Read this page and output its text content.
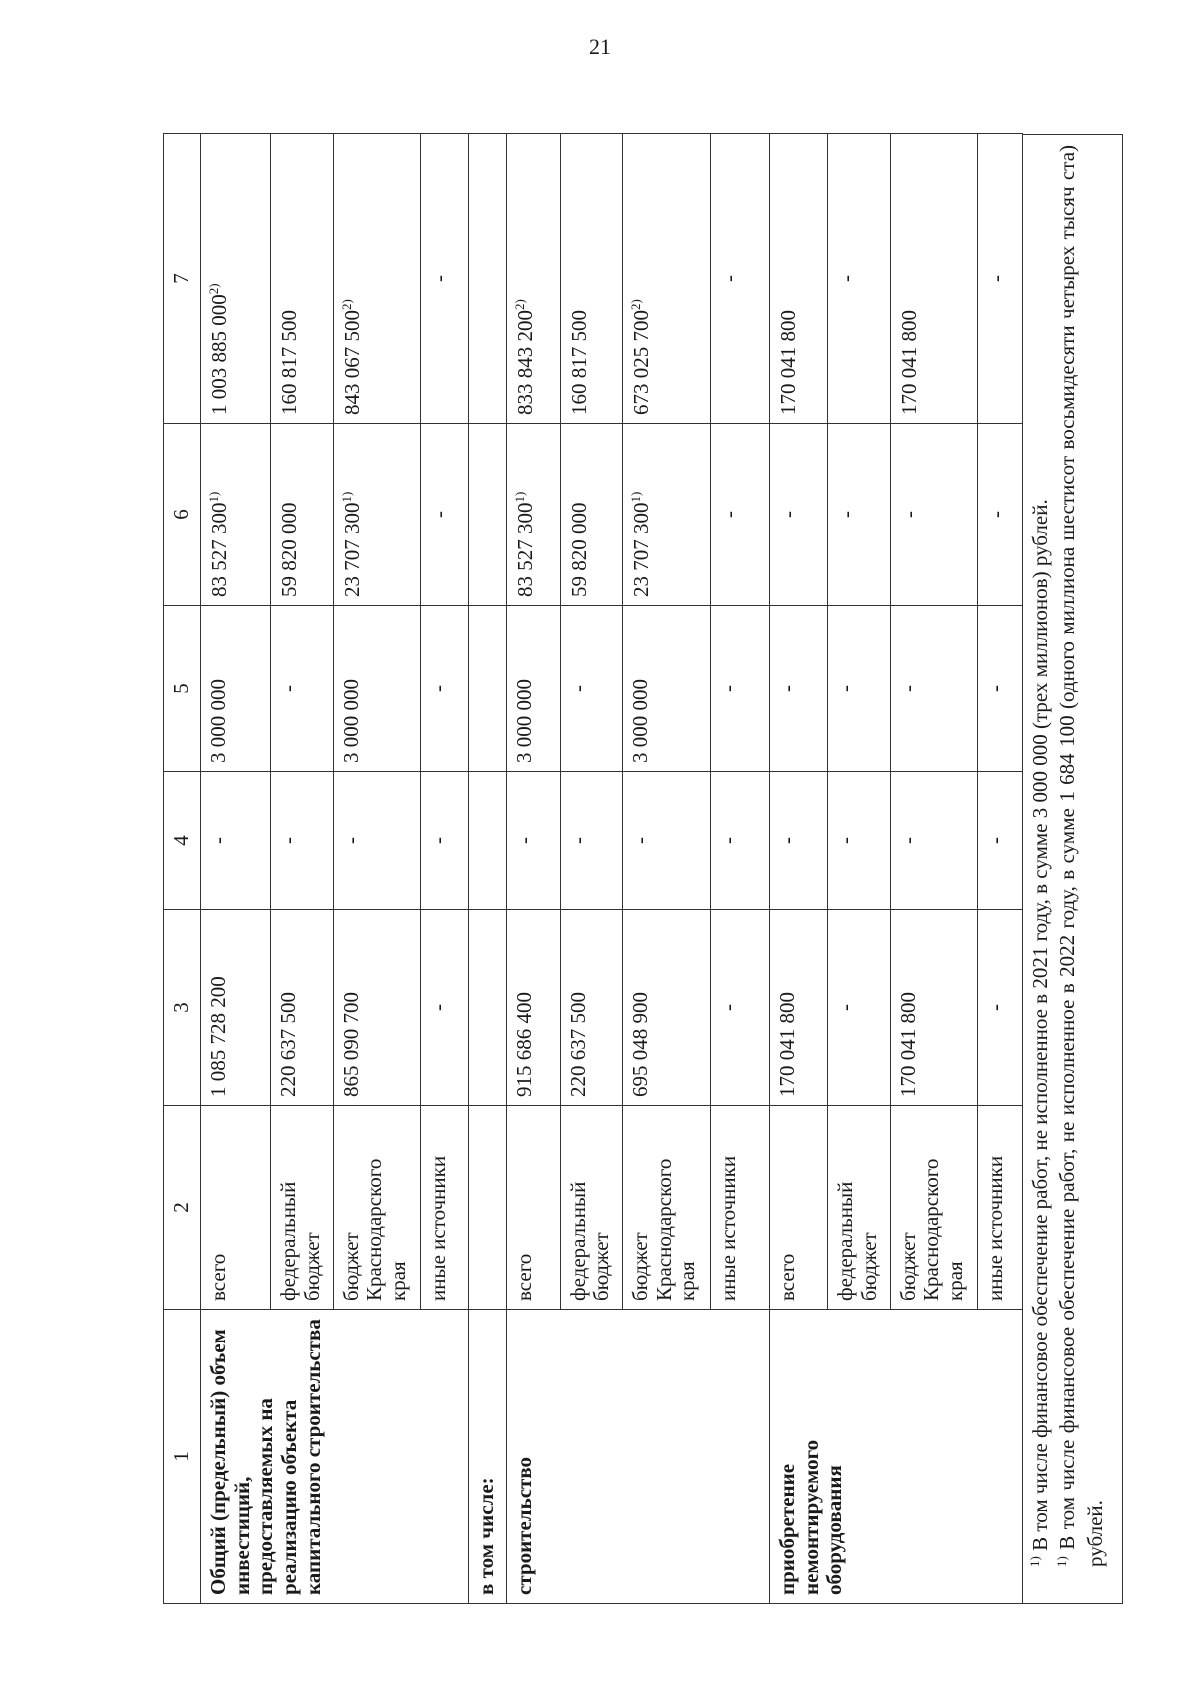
21
1	2	3	4	5	6	7
Общий (предельный) объем инвестиций, предоставляемых на реализацию объекта капитального строительства	всего	1 085 728 200	-	3 000 000	83 527 300$^{1)}$	1 003 885 000$^{2)}$
	федеральный бюджет	220 637 500	-	-	59 820 000	160 817 500
	бюджет Краснодарского края	865 090 700	-	3 000 000	23 707 300$^{1)}$	843 067 500$^{2)}$
	иные источники	-	-	-	-	-
в том числе:						
строительство	всего	915 686 400	-	3 000 000	83 527 300$^{1)}$	833 843 200$^{2)}$
	федеральный бюджет	220 637 500	-	-	59 820 000	160 817 500
	бюджет Краснодарского края	695 048 900	-	3 000 000	23 707 300$^{1)}$	673 025 700$^{2)}$
	иные источники	-	-	-	-	-
приобретение немонтируемого оборудования	всего	170 041 800	-	-	-	170 041 800
	федеральный бюджет	-	-	-	-	-
	бюджет Краснодарского края	170 041 800	-	-	-	170 041 800
	иные источники	-	-	-	-	-

$^{1)}$ В том числе финансовое обеспечение работ, не исполненное в 2021 году, в сумме 3 000 000 (трех миллионов) рублей.

$^{1)}$ В том числе финансовое обеспечение работ, не исполненное в 2022 году, в сумме 1 684 100 (одного миллиона шестисот восьмидесяти четырех тысяч ста) рублей.
